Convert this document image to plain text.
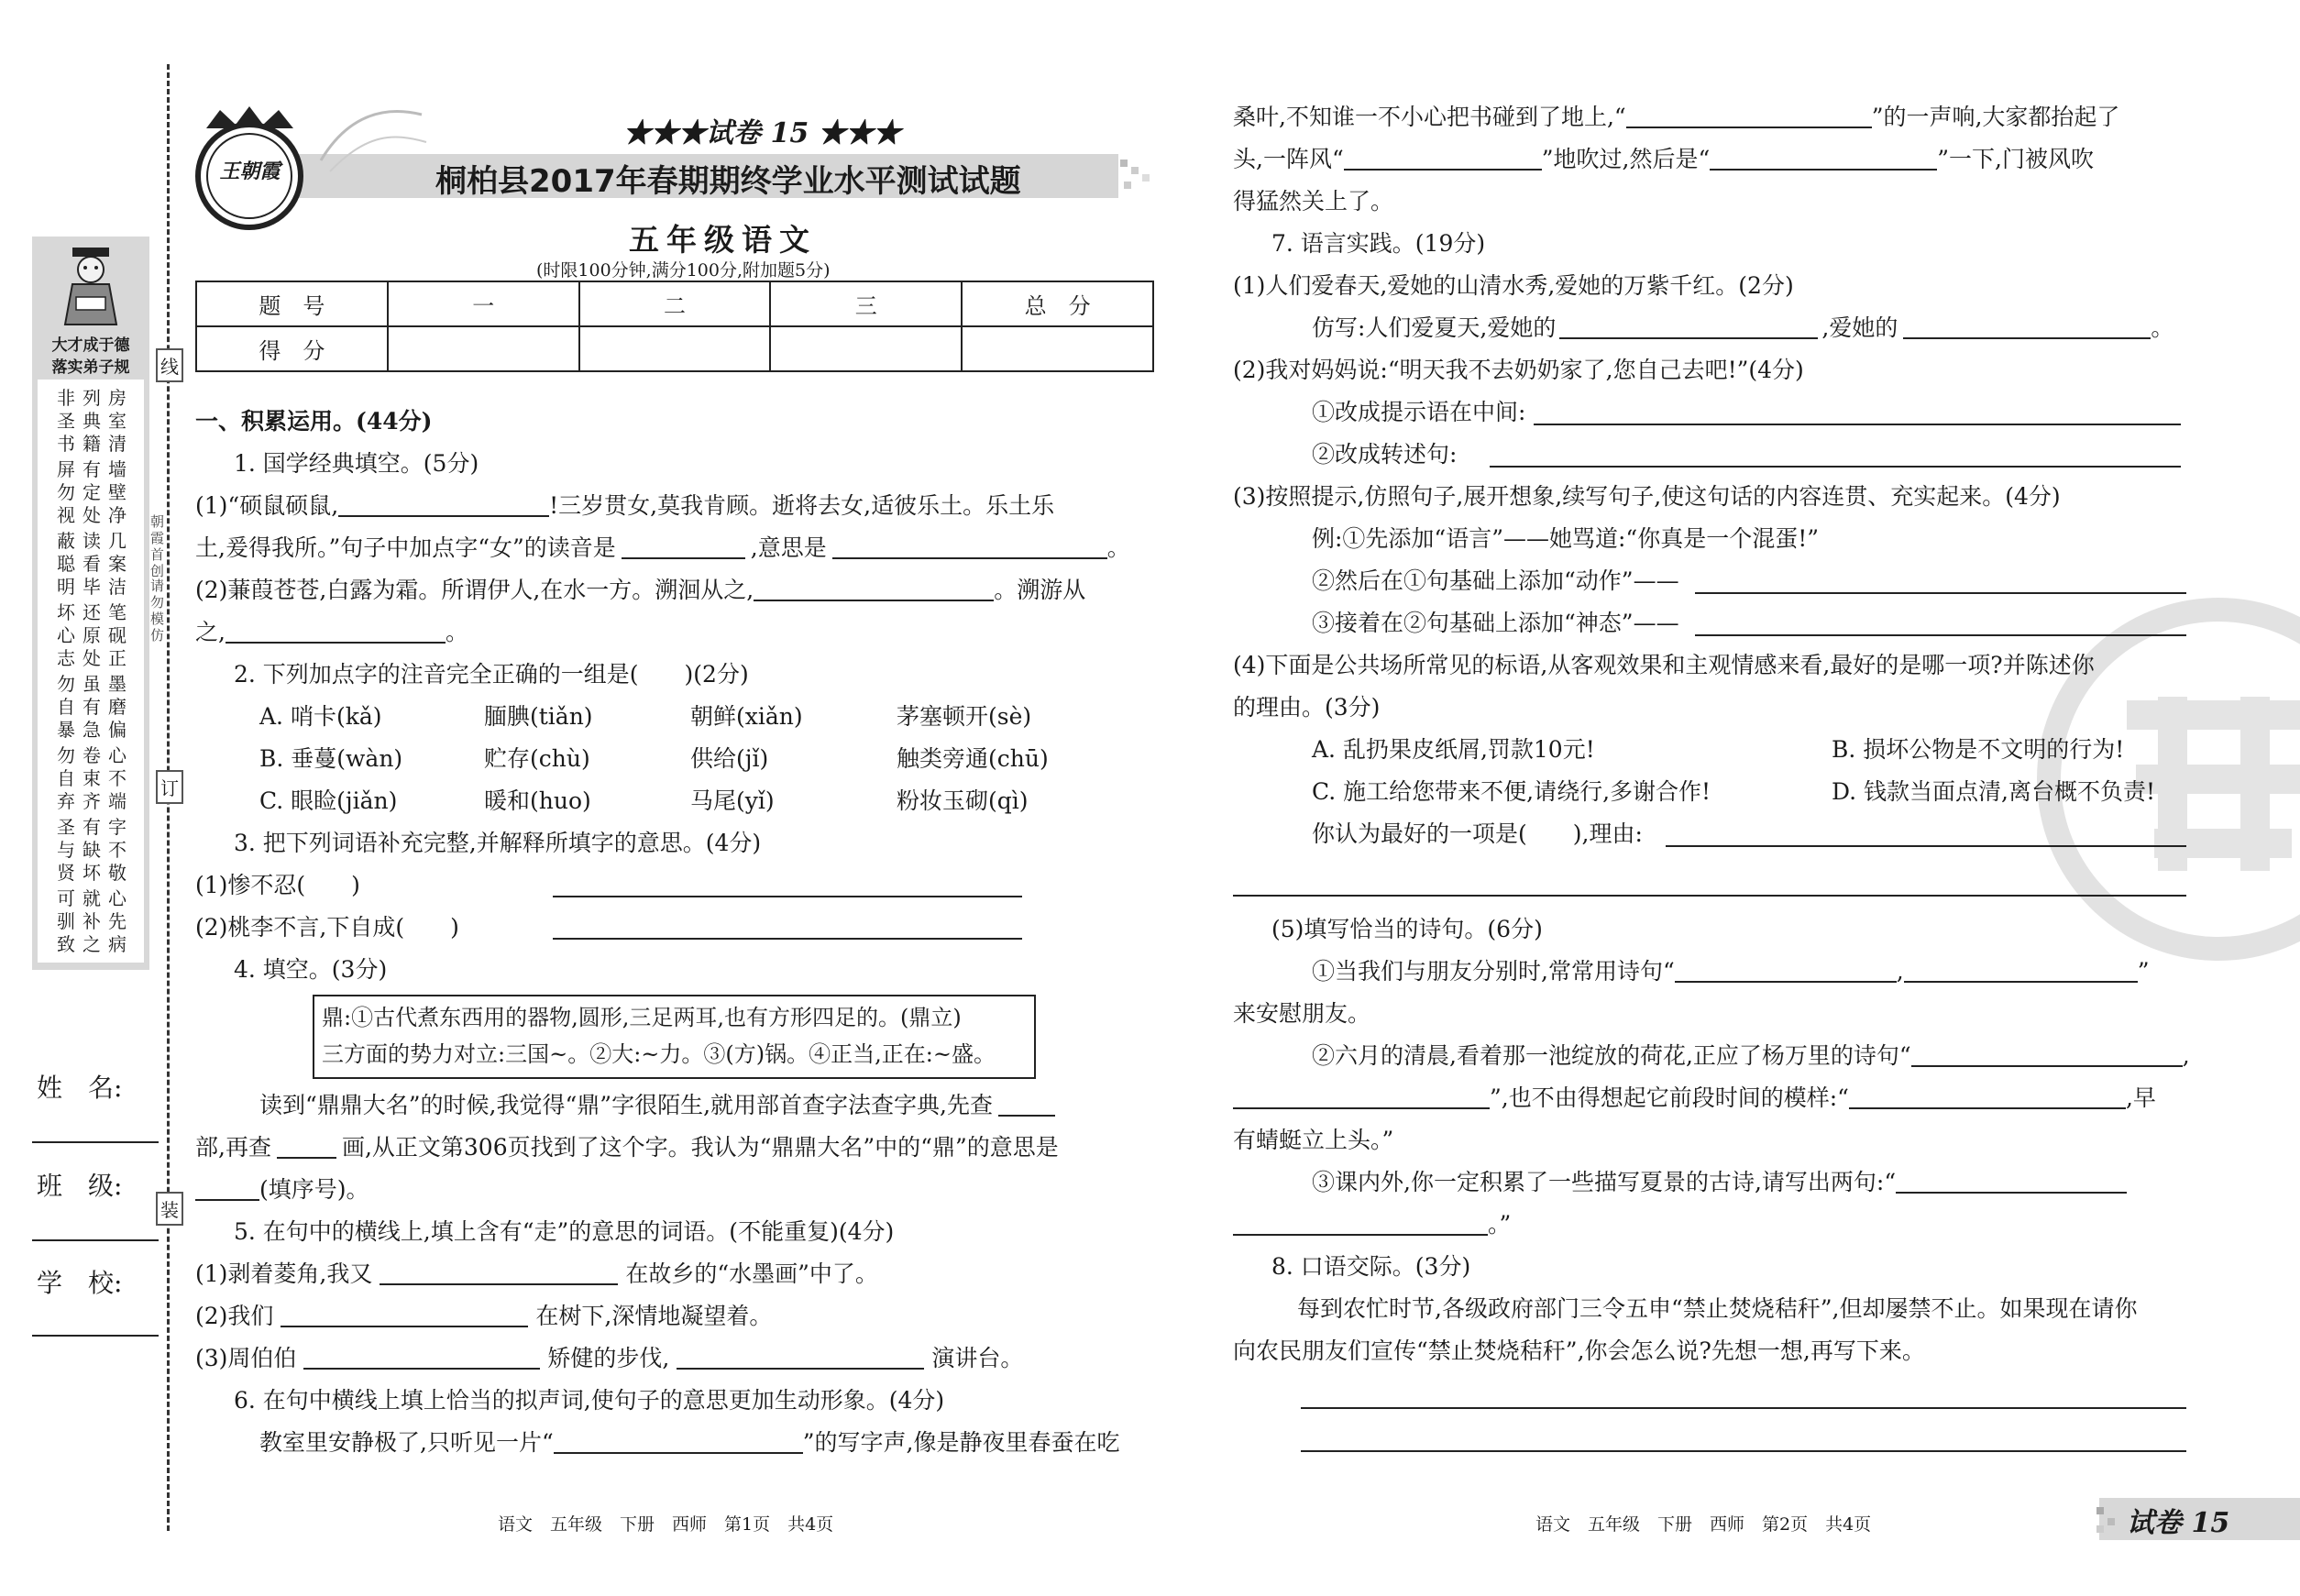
线
订
装
朝霞首创
请勿模仿
大才成于德
落实弟子规
非圣书
列典籍
房室清
屏勿视
有定处
墙壁净
蔽聪明
读看毕
几案洁
坏心志
还原处
笔砚正
勿自暴
虽有急
墨磨偏
勿自弃
卷束齐
心不端
圣与贤
有缺坏
字不敬
可驯致
就补之
心先病
姓　名:
班　级:
学　校:
王朝霞
★★★试卷 15 ★★★
桐柏县2017年春期期终学业水平测试试题
五年级语文
(时限100分钟,满分100分,附加题5分)
题　号	一	二	三	总　分
得　分				
一、积累运用。(44分)
1. 国学经典填空。(5分)
(1)“硕鼠硕鼠,	!三岁贯女,莫我肯顾。逝将去女,适彼乐土。乐土乐
土,爰得我所。”句子中加点字“女”的读音是	,意思是	。
(2)蒹葭苍苍,白露为霜。所谓伊人,在水一方。溯洄从之,	。溯游从
之,	。
2. 下列加点字的注音完全正确的一组是(　　)(2分)
A. 哨卡(kǎ)	腼腆(tiǎn)	朝鲜(xiǎn)	茅塞顿开(sè)
B. 垂蔓(wàn)	贮存(chù)	供给(jǐ)	触类旁通(chū)
C. 眼睑(jiǎn)	暖和(huo)	马尾(yǐ)	粉妆玉砌(qì)
3. 把下列词语补充完整,并解释所填字的意思。(4分)
(1)惨不忍(　　)
(2)桃李不言,下自成(　　)
4. 填空。(3分)
鼎:①古代煮东西用的器物,圆形,三足两耳,也有方形四足的。(鼎立)
三方面的势力对立:三国~。②大:~力。③(方)锅。④正当,正在:~盛。
读到“鼎鼎大名”的时候,我觉得“鼎”字很陌生,就用部首查字法查字典,先查
部,再查	画,从正文第306页找到了这个字。我认为“鼎鼎大名”中的“鼎”的意思是
(填序号)。
5. 在句中的横线上,填上含有“走”的意思的词语。(不能重复)(4分)
(1)剥着菱角,我又	在故乡的“水墨画”中了。
(2)我们	在树下,深情地凝望着。
(3)周伯伯	矫健的步伐,	演讲台。
6. 在句中横线上填上恰当的拟声词,使句子的意思更加生动形象。(4分)
教室里安静极了,只听见一片“	”的写字声,像是静夜里春蚕在吃
桑叶,不知谁一不小心把书碰到了地上,“	”的一声响,大家都抬起了
头,一阵风“	”地吹过,然后是“	”一下,门被风吹
得猛然关上了。
7. 语言实践。(19分)
(1)人们爱春天,爱她的山清水秀,爱她的万紫千红。(2分)
仿写:人们爱夏天,爱她的	,爱她的	。
(2)我对妈妈说:“明天我不去奶奶家了,您自己去吧!”(4分)
①改成提示语在中间:
②改成转述句:
(3)按照提示,仿照句子,展开想象,续写句子,使这句话的内容连贯、充实起来。(4分)
例:①先添加“语言”——她骂道:“你真是一个混蛋!”
②然后在①句基础上添加“动作”——
③接着在②句基础上添加“神态”——
(4)下面是公共场所常见的标语,从客观效果和主观情感来看,最好的是哪一项?并陈述你
的理由。(3分)
A. 乱扔果皮纸屑,罚款10元!	B. 损坏公物是不文明的行为!
C. 施工给您带来不便,请绕行,多谢合作!	D. 钱款当面点清,离台概不负责!
你认为最好的一项是(　　),理由:
(5)填写恰当的诗句。(6分)
①当我们与朋友分别时,常常用诗句“	,	”
来安慰朋友。
②六月的清晨,看着那一池绽放的荷花,正应了杨万里的诗句“	,
”,也不由得想起它前段时间的模样:“	,早
有蜻蜓立上头。”
③课内外,你一定积累了一些描写夏景的古诗,请写出两句:“
。”
8. 口语交际。(3分)
每到农忙时节,各级政府部门三令五申“禁止焚烧秸秆”,但却屡禁不止。如果现在请你
向农民朋友们宣传“禁止焚烧秸秆”,你会怎么说?先想一想,再写下来。
语文　五年级　下册　西师　第1页　共4页	语文　五年级　下册　西师　第2页　共4页	试卷 15
